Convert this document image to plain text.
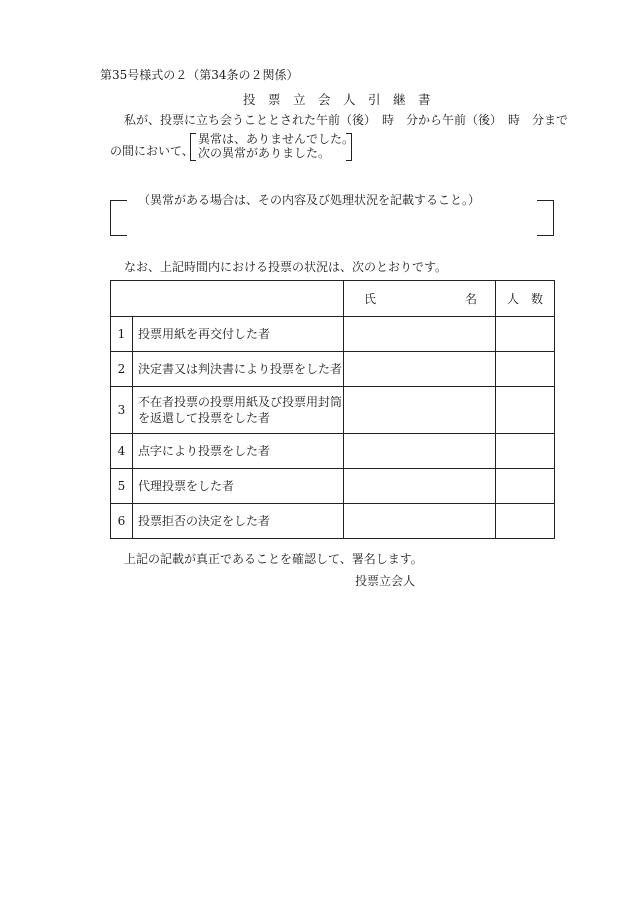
第35号様式の２（第34条の２関係）
投　票　立　会　人　引　継　書
私が、投票に立ち会うこととされた午前（後）　時　分から午前（後）　時　分まで
の間において、
異常は、ありませんでした。
次の異常がありました。
（異常がある場合は、その内容及び処理状況を記載すること。）
なお、上記時間内における投票の状況は、次のとおりです。

		氏 名	人　数
1	投票用紙を再交付した者		
2	決定書又は判決書により投票をした者		
3	不在者投票の投票用紙及び投票用封筒を返還して投票をした者		
4	点字により投票をした者		
5	代理投票をした者		
6	投票拒否の決定をした者		
上記の記載が真正であることを確認して、署名します。
投票立会人
